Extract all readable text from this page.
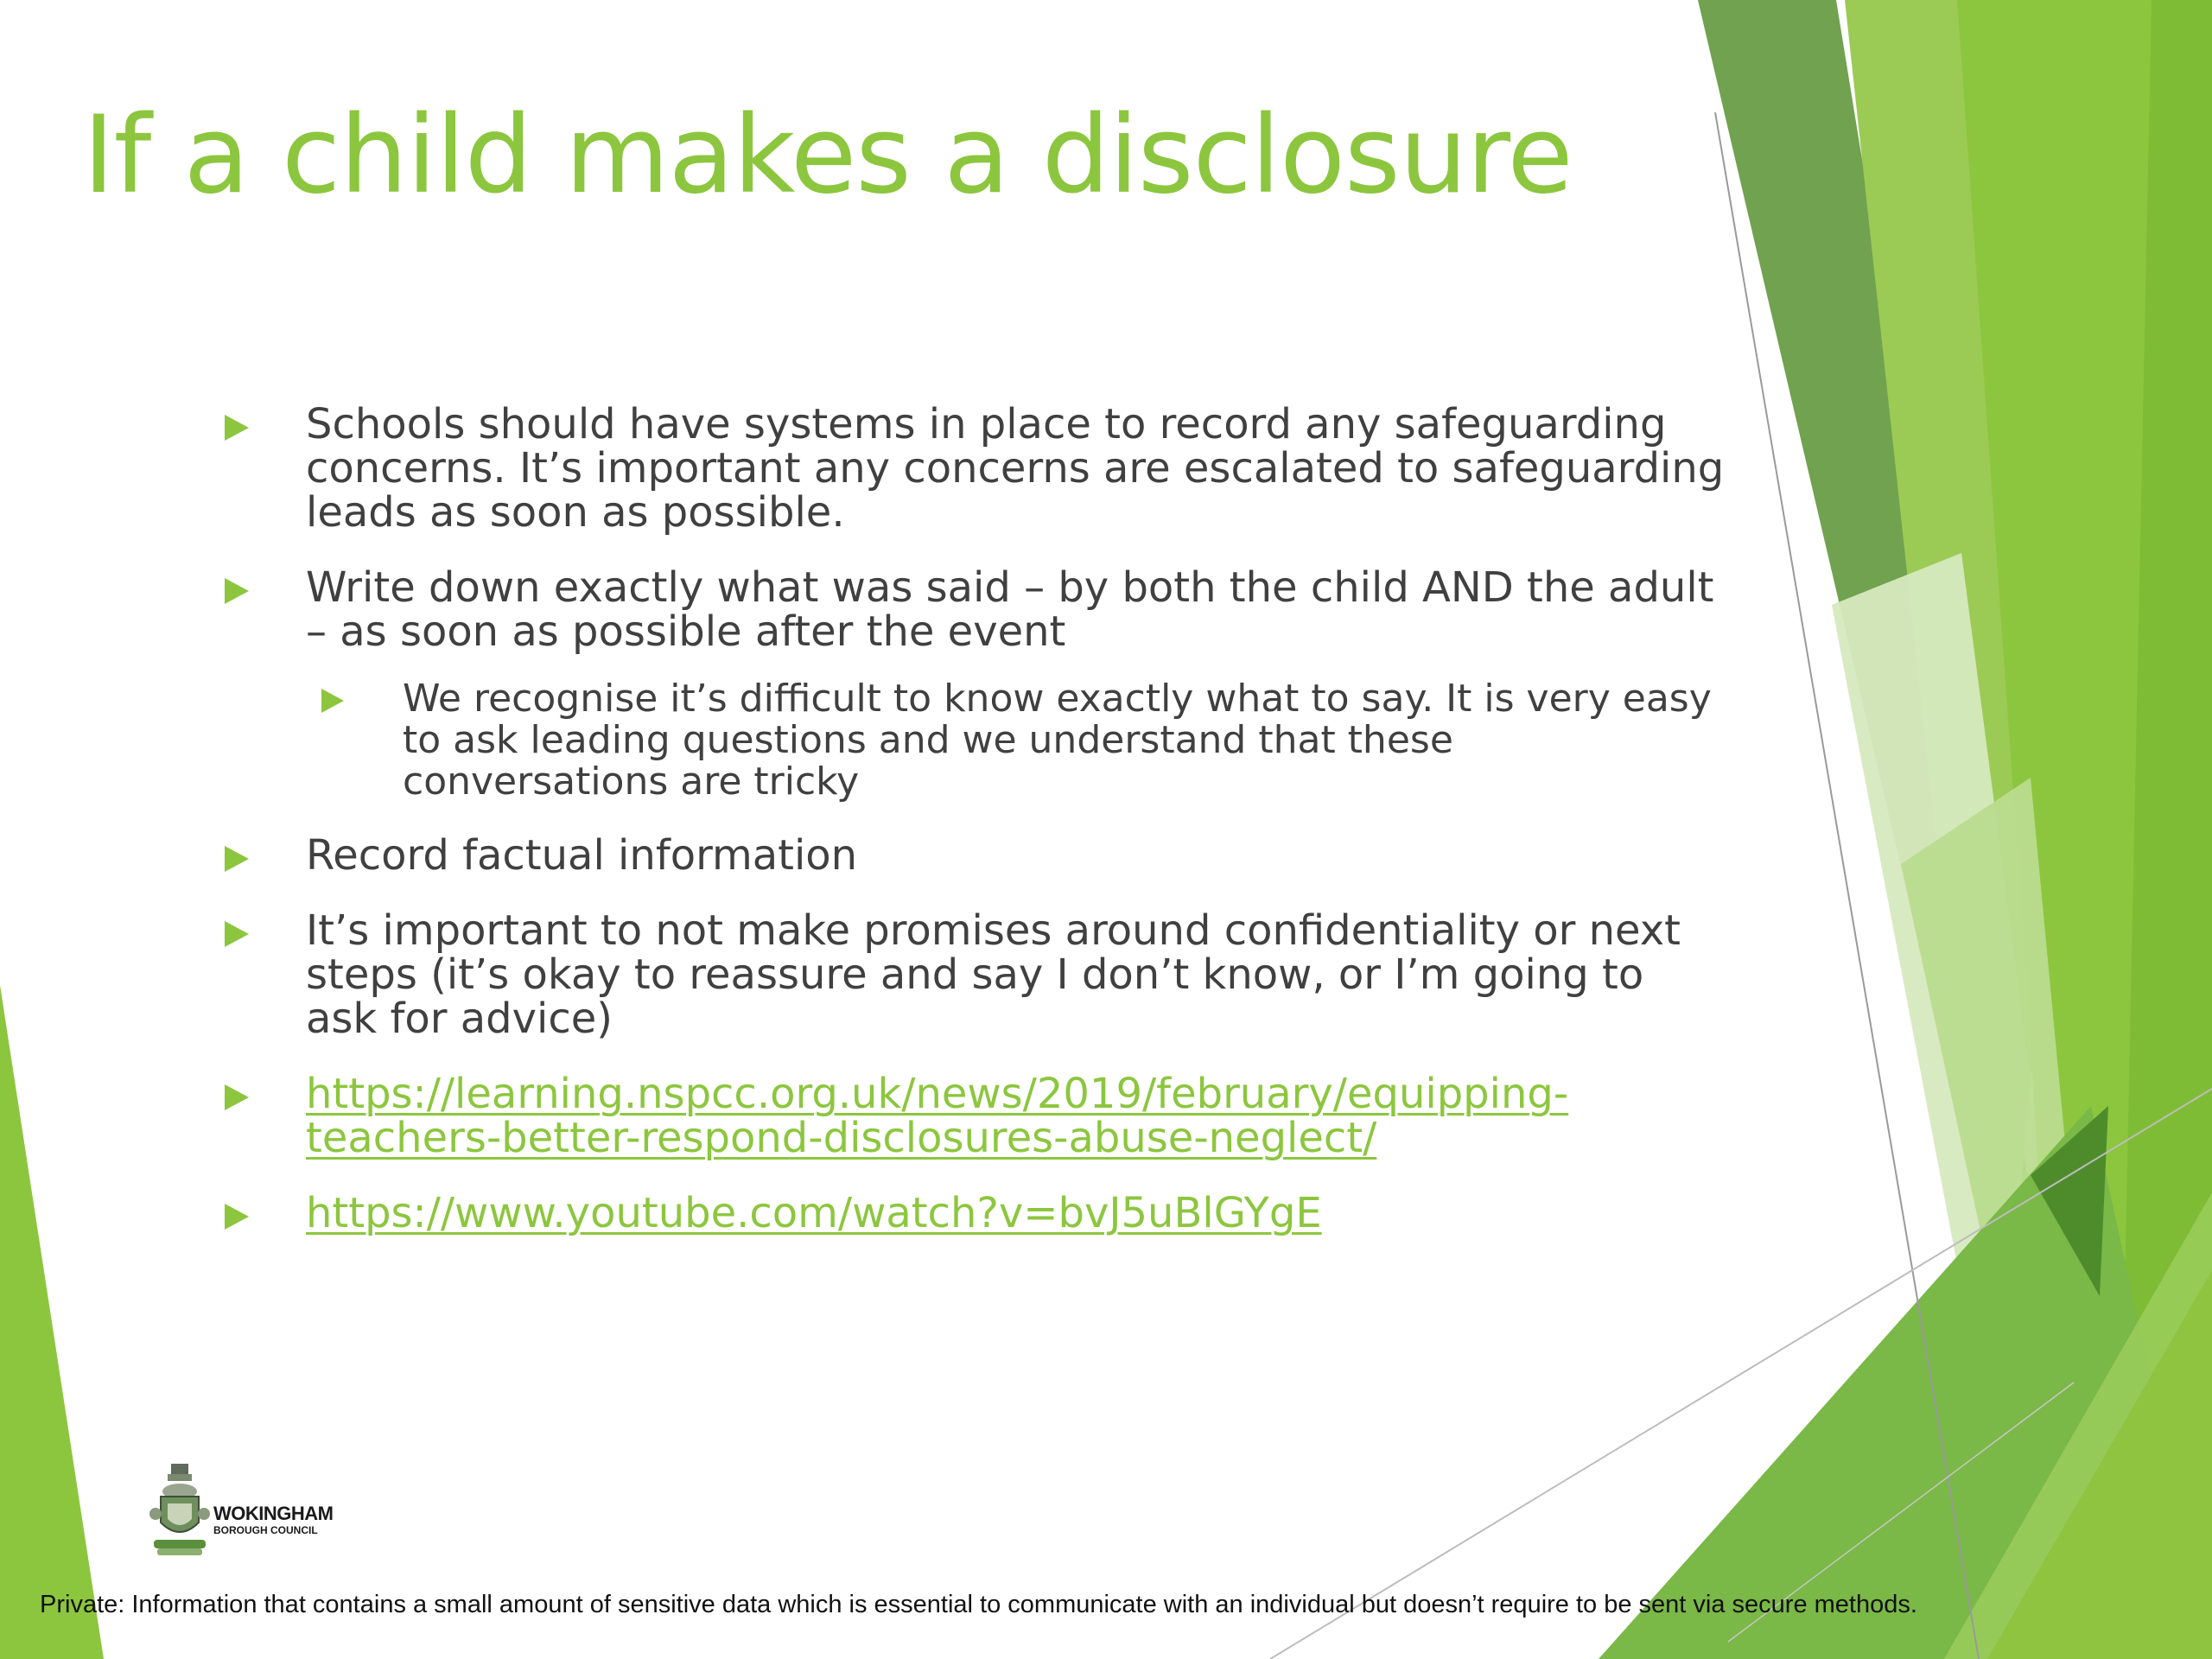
If a child makes a disclosure
Schools should have systems in place to record any safeguarding concerns. It’s important any concerns are escalated to safeguarding leads as soon as possible.
Write down exactly what was said – by both the child AND the adult – as soon as possible after the event
We recognise it’s difficult to know exactly what to say. It is very easy to ask leading questions and we understand that these conversations are tricky
Record factual information
It’s important to not make promises around confidentiality or next steps (it’s okay to reassure and say I don’t know, or I’m going to ask for advice)
https://learning.nspcc.org.uk/news/2019/february/equipping-teachers-better-respond-disclosures-abuse-neglect/
https://www.youtube.com/watch?v=bvJ5uBlGYgE
WOKINGHAM
BOROUGH COUNCIL
Private: Information that contains a small amount of sensitive data which is essential to communicate with an individual but doesn’t require to be sent via secure methods.
